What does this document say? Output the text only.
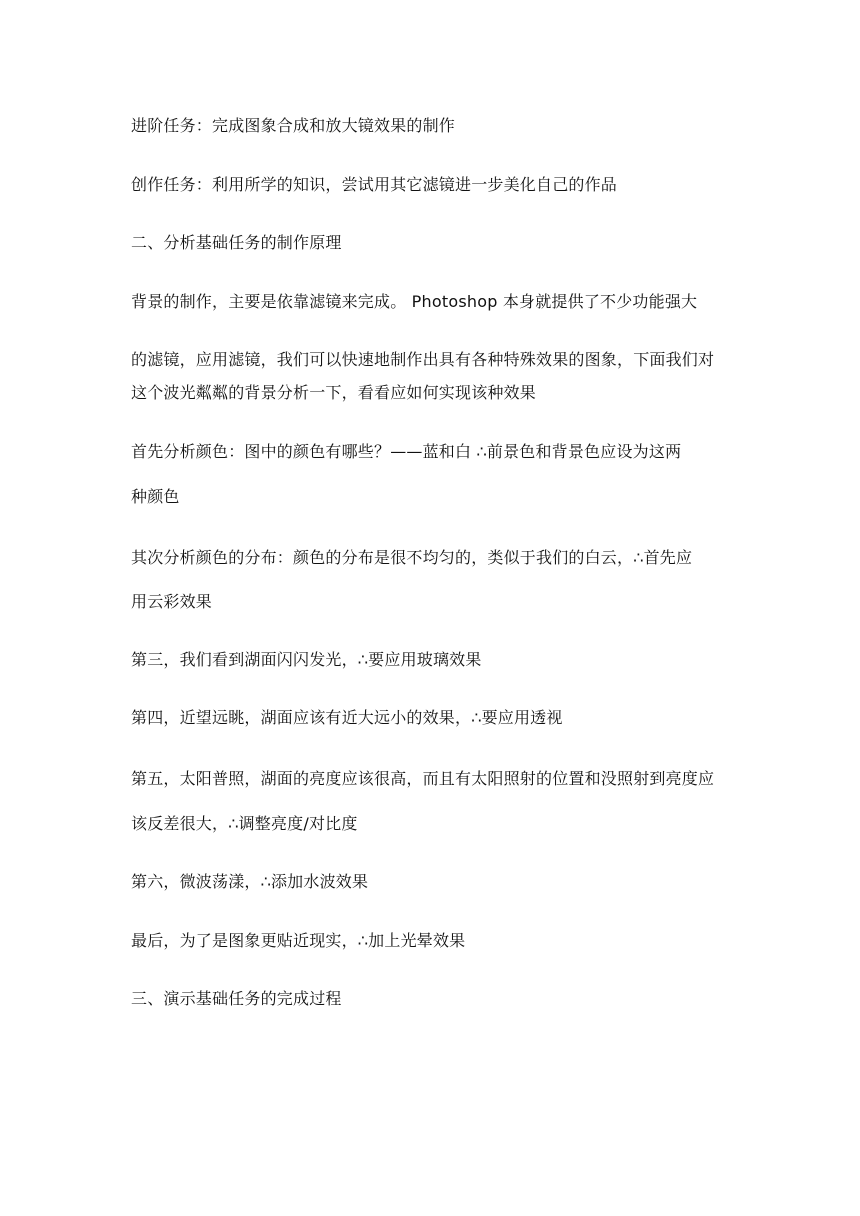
进阶任务：完成图象合成和放大镜效果的制作
创作任务：利用所学的知识，尝试用其它滤镜进一步美化自己的作品
二、分析基础任务的制作原理
背景的制作，主要是依靠滤镜来完成。 Photoshop 本身就提供了不少功能强大
的滤镜，应用滤镜，我们可以快速地制作出具有各种特殊效果的图象，下面我们对
这个波光粼粼的背景分析一下，看看应如何实现该种效果
首先分析颜色：图中的颜色有哪些？——蓝和白 ∴前景色和背景色应设为这两
种颜色
其次分析颜色的分布：颜色的分布是很不均匀的，类似于我们的白云，∴首先应
用云彩效果
第三，我们看到湖面闪闪发光，∴要应用玻璃效果
第四，近望远眺，湖面应该有近大远小的效果，∴要应用透视
第五，太阳普照，湖面的亮度应该很高，而且有太阳照射的位置和没照射到亮度应
该反差很大，∴调整亮度/对比度
第六，微波荡漾，∴添加水波效果
最后，为了是图象更贴近现实，∴加上光晕效果
三、演示基础任务的完成过程
